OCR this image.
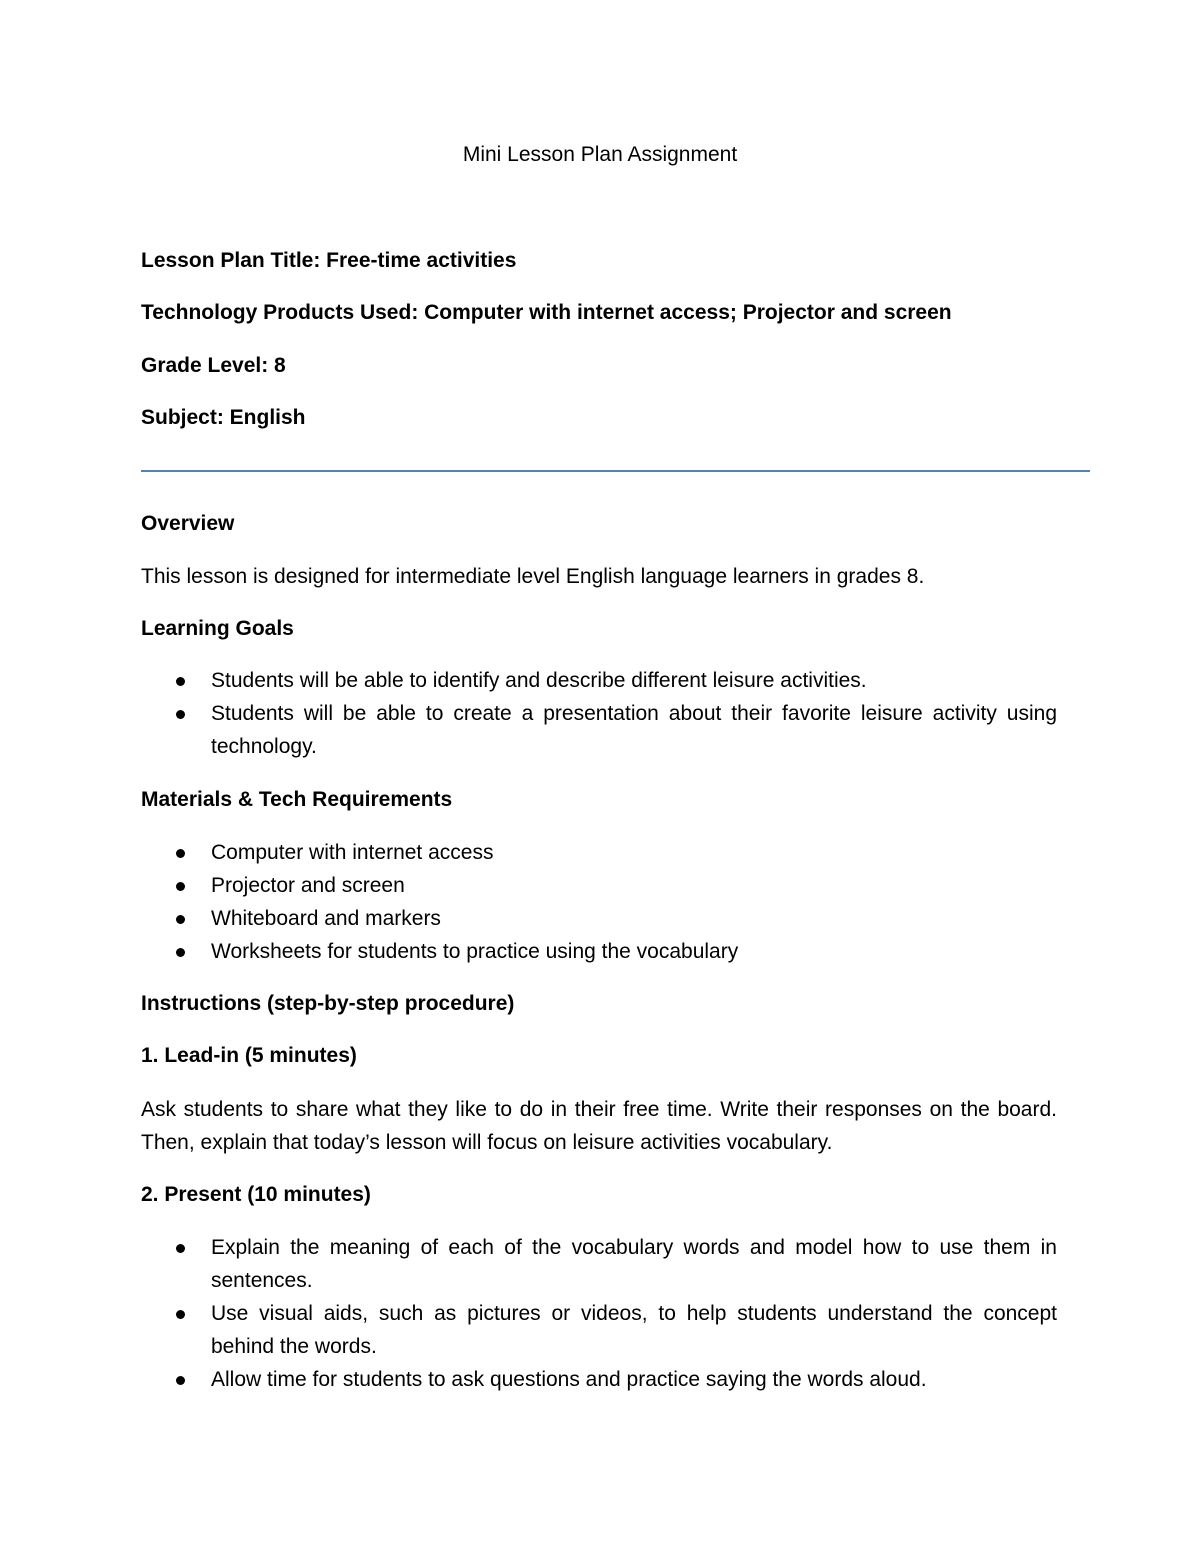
Mini Lesson Plan Assignment
Lesson Plan Title: Free-time activities
Technology Products Used: Computer with internet access; Projector and screen
Grade Level: 8
Subject: English
Overview
This lesson is designed for intermediate level English language learners in grades 8.
Learning Goals
Students will be able to identify and describe different leisure activities.
Students will be able to create a presentation about their favorite leisure activity using technology.
Materials & Tech Requirements
Computer with internet access
Projector and screen
Whiteboard and markers
Worksheets for students to practice using the vocabulary
Instructions (step-by-step procedure)
1. Lead-in (5 minutes)
Ask students to share what they like to do in their free time. Write their responses on the board. Then, explain that today’s lesson will focus on leisure activities vocabulary.
2. Present (10 minutes)
Explain the meaning of each of the vocabulary words and model how to use them in sentences.
Use visual aids, such as pictures or videos, to help students understand the concept behind the words.
Allow time for students to ask questions and practice saying the words aloud.
